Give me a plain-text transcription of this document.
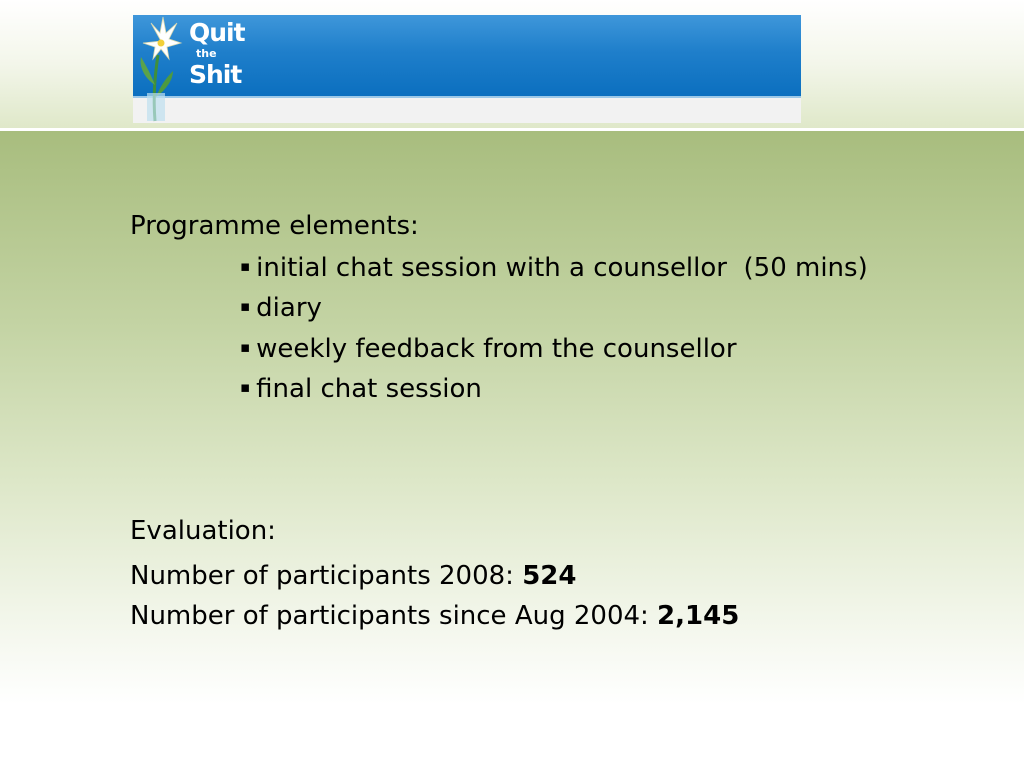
Quit
the
Shit
Programme elements:
▪ initial chat session with a counsellor  (50 mins)
▪ diary
▪ weekly feedback from the counsellor
▪ final chat session
Evaluation:
Number of participants 2008: 524
Number of participants since Aug 2004: 2,145
